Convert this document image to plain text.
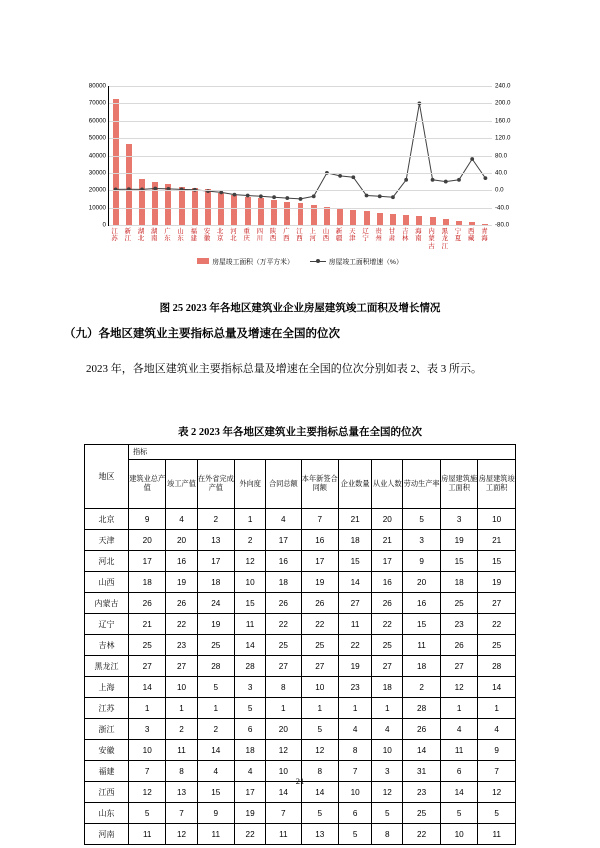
0
10000
20000
30000
40000
50000
60000
70000
80000
-80.0
-40.0
0.0
40.0
80.0
120.0
160.0
200.0
240.0
江苏
新江
湖北
湖南
广东
山东
福建
安徽
北京
河北
重庆
四川
陕西
广西
江西
上河
山西
新疆
天津
辽宁
贵州
甘肃
吉林
海南
内蒙古
黑龙江
宁夏
西藏
青海
房屋竣工面积（万平方米）	房屋竣工面积增速（%）
图 25 2023 年各地区建筑业企业房屋建筑竣工面积及增长情况
（九）各地区建筑业主要指标总量及增速在全国的位次
2023 年，各地区建筑业主要指标总量及增速在全国的位次分别如表 2、表 3 所示。
表 2 2023 年各地区建筑业主要指标总量在全国的位次
地区	指标										
	建筑业总产值	竣工产值	在外省完成产值	外向度	合同总额	本年新签合同额	企业数量	从业人数	劳动生产率	房屋建筑施工面积	房屋建筑竣工面积
北京	9	4	2	1	4	7	21	20	5	3	10
天津	20	20	13	2	17	16	18	21	3	19	21
河北	17	16	17	12	16	17	15	17	9	15	15
山西	18	19	18	10	18	19	14	16	20	18	19
内蒙古	26	26	24	15	26	26	27	26	16	25	27
辽宁	21	22	19	11	22	22	11	22	15	23	22
吉林	25	23	25	14	25	25	22	25	11	26	25
黑龙江	27	27	28	28	27	27	19	27	18	27	28
上海	14	10	5	3	8	10	23	18	2	12	14
江苏	1	1	1	5	1	1	1	1	28	1	1
浙江	3	2	2	6	20	5	4	4	26	4	4
安徽	10	11	14	18	12	12	8	10	14	11	9
福建	7	8	4	4	10	8	7	3	31	6	7
江西	12	13	15	17	14	14	10	12	23	14	12
山东	5	7	9	19	7	5	6	5	25	5	5
河南	11	12	11	22	11	13	5	8	22	10	11
21
